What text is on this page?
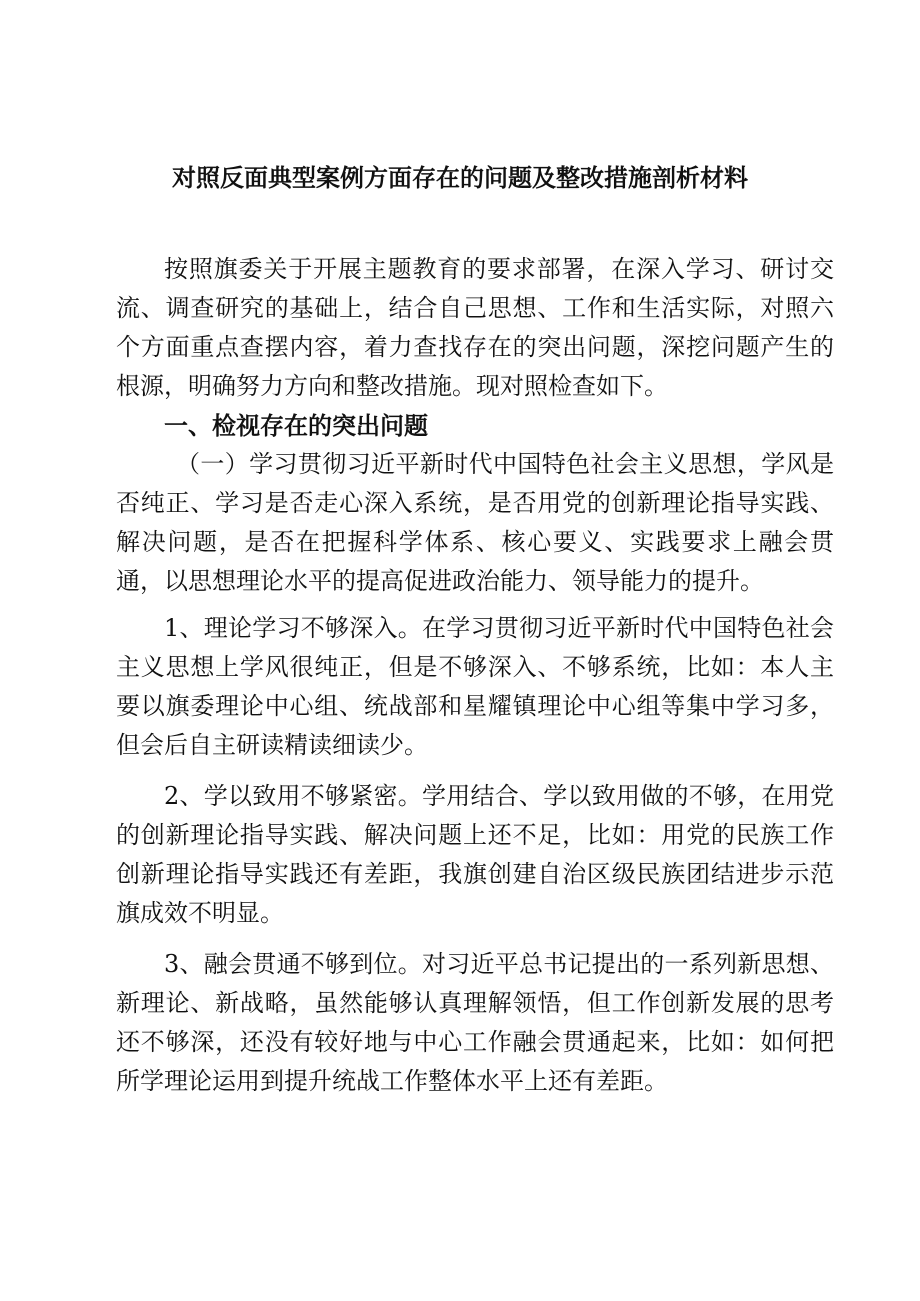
对照反面典型案例方面存在的问题及整改措施剖析材料

按照旗委关于开展主题教育的要求部署，在深入学习、研讨交流、调查研究的基础上，结合自己思想、工作和生活实际，对照六个方面重点查摆内容，着力查找存在的突出问题，深挖问题产生的根源，明确努力方向和整改措施。现对照检查如下。

一、检视存在的突出问题

（一）学习贯彻习近平新时代中国特色社会主义思想，学风是否纯正、学习是否走心深入系统，是否用党的创新理论指导实践、解决问题，是否在把握科学体系、核心要义、实践要求上融会贯通，以思想理论水平的提高促进政治能力、领导能力的提升。

1、理论学习不够深入。在学习贯彻习近平新时代中国特色社会主义思想上学风很纯正，但是不够深入、不够系统，比如：本人主要以旗委理论中心组、统战部和星耀镇理论中心组等集中学习多，但会后自主研读精读细读少。

2、学以致用不够紧密。学用结合、学以致用做的不够，在用党的创新理论指导实践、解决问题上还不足，比如：用党的民族工作创新理论指导实践还有差距，我旗创建自治区级民族团结进步示范旗成效不明显。

3、融会贯通不够到位。对习近平总书记提出的一系列新思想、新理论、新战略，虽然能够认真理解领悟，但工作创新发展的思考还不够深，还没有较好地与中心工作融会贯通起来，比如：如何把所学理论运用到提升统战工作整体水平上还有差距。
